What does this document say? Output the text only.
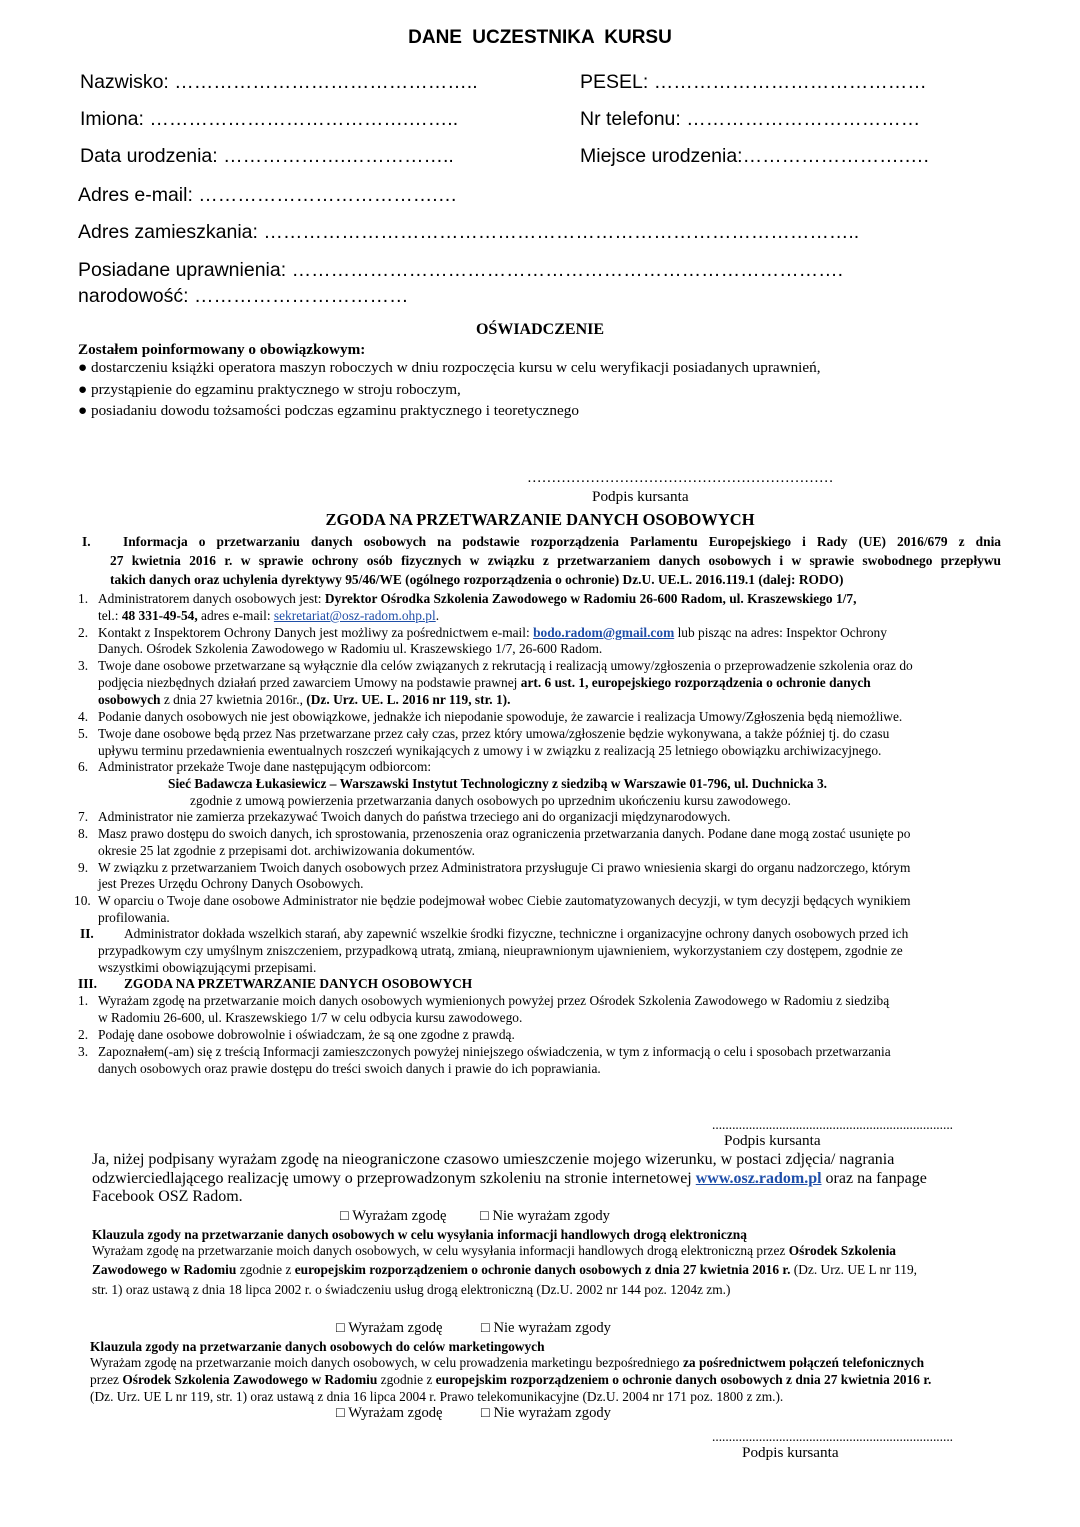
DANE UCZESTNIKA KURSU
Nazwisko: ………………………………………..	PESEL: ……………………………………
Imiona: ………………………………….……..	Nr telefonu: ………………………………
Data urodzenia: ……………….……………..	Miejsce urodzenia:…………………….….
Adres e-mail: ……………………………….…
Adres zamieszkania: ………………………………………………………………………………..
Posiadane uprawnienia: ………………………………………………………………………….
narodowość: ……………………………
OŚWIADCZENIE
Zostałem poinformowany o obowiązkowym:
● dostarczeniu książki operatora maszyn roboczych w dniu rozpoczęcia kursu w celu weryfikacji posiadanych uprawnień,
● przystąpienie do egzaminu praktycznego w stroju roboczym,
● posiadaniu dowodu tożsamości podczas egzaminu praktycznego i teoretycznego
………………………………………………………
Podpis kursanta
ZGODA NA PRZETWARZANIE DANYCH OSOBOWYCH
I. Informacja o przetwarzaniu danych osobowych na podstawie rozporządzenia Parlamentu Europejskiego i Rady (UE) 2016/679 z dnia
27 kwietnia 2016 r. w sprawie ochrony osób fizycznych w związku z przetwarzaniem danych osobowych i w sprawie swobodnego przepływu
takich danych oraz uchylenia dyrektywy 95/46/WE (ogólnego rozporządzenia o ochronie) Dz.U. UE.L. 2016.119.1 (dalej: RODO)
1. Administratorem danych osobowych jest: Dyrektor Ośrodka Szkolenia Zawodowego w Radomiu 26-600 Radom, ul. Kraszewskiego 1/7,
tel.: 48 331-49-54, adres e-mail: sekretariat@osz-radom.ohp.pl.
2. Kontakt z Inspektorem Ochrony Danych jest możliwy za pośrednictwem e-mail: bodo.radom@gmail.com lub pisząc na adres: Inspektor Ochrony
Danych. Ośrodek Szkolenia Zawodowego w Radomiu ul. Kraszewskiego 1/7, 26-600 Radom.
3. Twoje dane osobowe przetwarzane są wyłącznie dla celów związanych z rekrutacją i realizacją umowy/zgłoszenia o przeprowadzenie szkolenia oraz do
podjęcia niezbędnych działań przed zawarciem Umowy na podstawie prawnej art. 6 ust. 1, europejskiego rozporządzenia o ochronie danych
osobowych z dnia 27 kwietnia 2016r., (Dz. Urz. UE. L. 2016 nr 119, str. 1).
4. Podanie danych osobowych nie jest obowiązkowe, jednakże ich niepodanie spowoduje, że zawarcie i realizacja Umowy/Zgłoszenia będą niemożliwe.
5. Twoje dane osobowe będą przez Nas przetwarzane przez cały czas, przez który umowa/zgłoszenie będzie wykonywana, a także później tj. do czasu
upływu terminu przedawnienia ewentualnych roszczeń wynikających z umowy i w związku z realizacją 25 letniego obowiązku archiwizacyjnego.
6. Administrator przekaże Twoje dane następującym odbiorcom:
Sieć Badawcza Łukasiewicz – Warszawski Instytut Technologiczny z siedzibą w Warszawie 01-796, ul. Duchnicka 3.
zgodnie z umową powierzenia przetwarzania danych osobowych po uprzednim ukończeniu kursu zawodowego.
7. Administrator nie zamierza przekazywać Twoich danych do państwa trzeciego ani do organizacji międzynarodowych.
8. Masz prawo dostępu do swoich danych, ich sprostowania, przenoszenia oraz ograniczenia przetwarzania danych. Podane dane mogą zostać usunięte po
okresie 25 lat zgodnie z przepisami dot. archiwizowania dokumentów.
9. W związku z przetwarzaniem Twoich danych osobowych przez Administratora przysługuje Ci prawo wniesienia skargi do organu nadzorczego, którym
jest Prezes Urzędu Ochrony Danych Osobowych.
10. W oparciu o Twoje dane osobowe Administrator nie będzie podejmował wobec Ciebie zautomatyzowanych decyzji, w tym decyzji będących wynikiem
profilowania.
II. Administrator dokłada wszelkich starań, aby zapewnić wszelkie środki fizyczne, techniczne i organizacyjne ochrony danych osobowych przed ich
przypadkowym czy umyślnym zniszczeniem, przypadkową utratą, zmianą, nieuprawnionym ujawnieniem, wykorzystaniem czy dostępem, zgodnie ze
wszystkimi obowiązującymi przepisami.
III. ZGODA NA PRZETWARZANIE DANYCH OSOBOWYCH
1. Wyrażam zgodę na przetwarzanie moich danych osobowych wymienionych powyżej przez Ośrodek Szkolenia Zawodowego w Radomiu z siedzibą
w Radomiu 26-600, ul. Kraszewskiego 1/7 w celu odbycia kursu zawodowego.
2. Podaję dane osobowe dobrowolnie i oświadczam, że są one zgodne z prawdą.
3. Zapoznałem(-am) się z treścią Informacji zamieszczonych powyżej niniejszego oświadczenia, w tym z informacją o celu i sposobach przetwarzania
danych osobowych oraz prawie dostępu do treści swoich danych i prawie do ich poprawiania.
........................................................................
Podpis kursanta
Ja, niżej podpisany wyrażam zgodę na nieograniczone czasowo umieszczenie mojego wizerunku, w postaci zdjęcia/ nagrania
odzwierciedlającego realizację umowy o przeprowadzonym szkoleniu na stronie internetowej www.osz.radom.pl oraz na fanpage
Facebook OSZ Radom.
□ Wyrażam zgodę □ Nie wyrażam zgody
Klauzula zgody na przetwarzanie danych osobowych w celu wysyłania informacji handlowych drogą elektroniczną
Wyrażam zgodę na przetwarzanie moich danych osobowych, w celu wysyłania informacji handlowych drogą elektroniczną przez Ośrodek Szkolenia
Zawodowego w Radomiu zgodnie z europejskim rozporządzeniem o ochronie danych osobowych z dnia 27 kwietnia 2016 r. (Dz. Urz. UE L nr 119,
str. 1) oraz ustawą z dnia 18 lipca 2002 r. o świadczeniu usług drogą elektroniczną (Dz.U. 2002 nr 144 poz. 1204z zm.)
□ Wyrażam zgodę	□ Nie wyrażam zgody
Klauzula zgody na przetwarzanie danych osobowych do celów marketingowych
Wyrażam zgodę na przetwarzanie moich danych osobowych, w celu prowadzenia marketingu bezpośredniego za pośrednictwem połączeń telefonicznych
przez Ośrodek Szkolenia Zawodowego w Radomiu zgodnie z europejskim rozporządzeniem o ochronie danych osobowych z dnia 27 kwietnia 2016 r.
(Dz. Urz. UE L nr 119, str. 1) oraz ustawą z dnia 16 lipca 2004 r. Prawo telekomunikacyjne (Dz.U. 2004 nr 171 poz. 1800 z zm.).
□ Wyrażam zgodę	□ Nie wyrażam zgody
........................................................................
Podpis kursanta
